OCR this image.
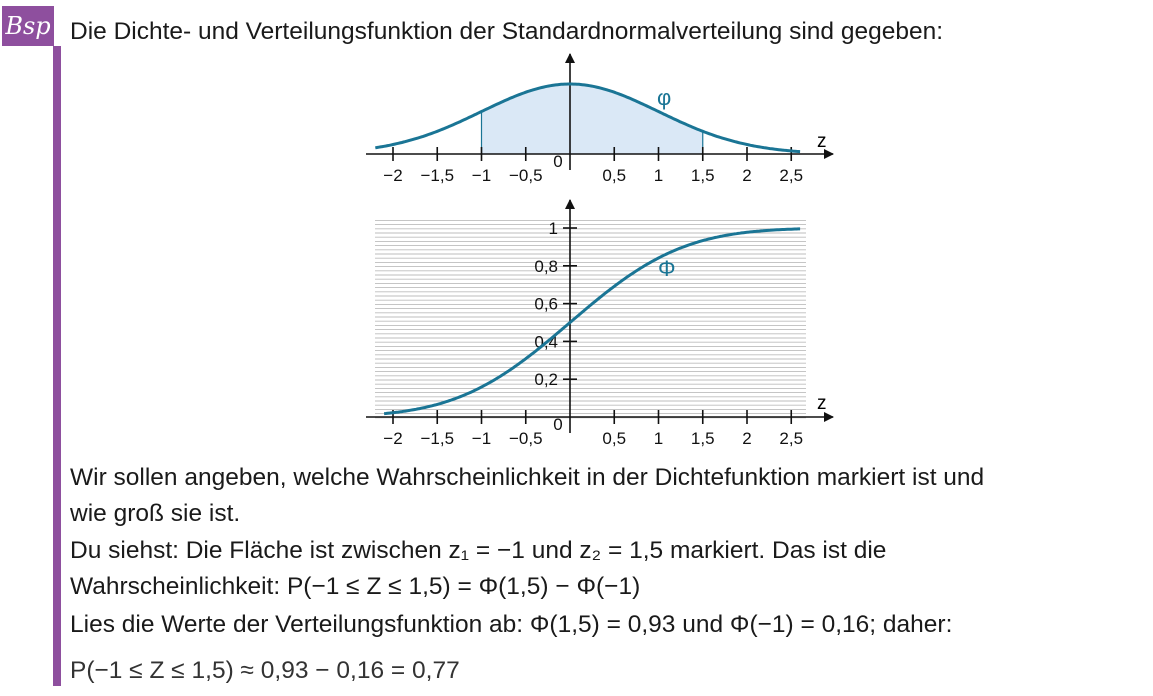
Bsp Die Dichte- und Verteilungsfunktion der Standardnormalverteilung sind gegeben:
−2 −1,5 −1 −0,5
0
0,5 1 1,5 2 2,5
φ
z
−2 −1,5 −1 −0,5
0
0,5 1 1,5 2 2,5
0,2
0,4
0,6
0,8
1
Φ
z
Wir sollen angeben, welche Wahrscheinlichkeit in der Dichtefunktion markiert ist und
wie groß sie ist.
Du siehst: Die Fläche ist zwischen z₁ = −1 und z₂ = 1,5 markiert. Das ist die
Wahrscheinlichkeit: P(−1 ≤ Z ≤ 1,5) = Φ(1,5) − Φ(−1)
Lies die Werte der Verteilungsfunktion ab: Φ(1,5) = 0,93 und Φ(−1) = 0,16; daher:
P(−1 ≤ Z ≤ 1,5) ≈ 0,93 − 0,16 = 0,77
